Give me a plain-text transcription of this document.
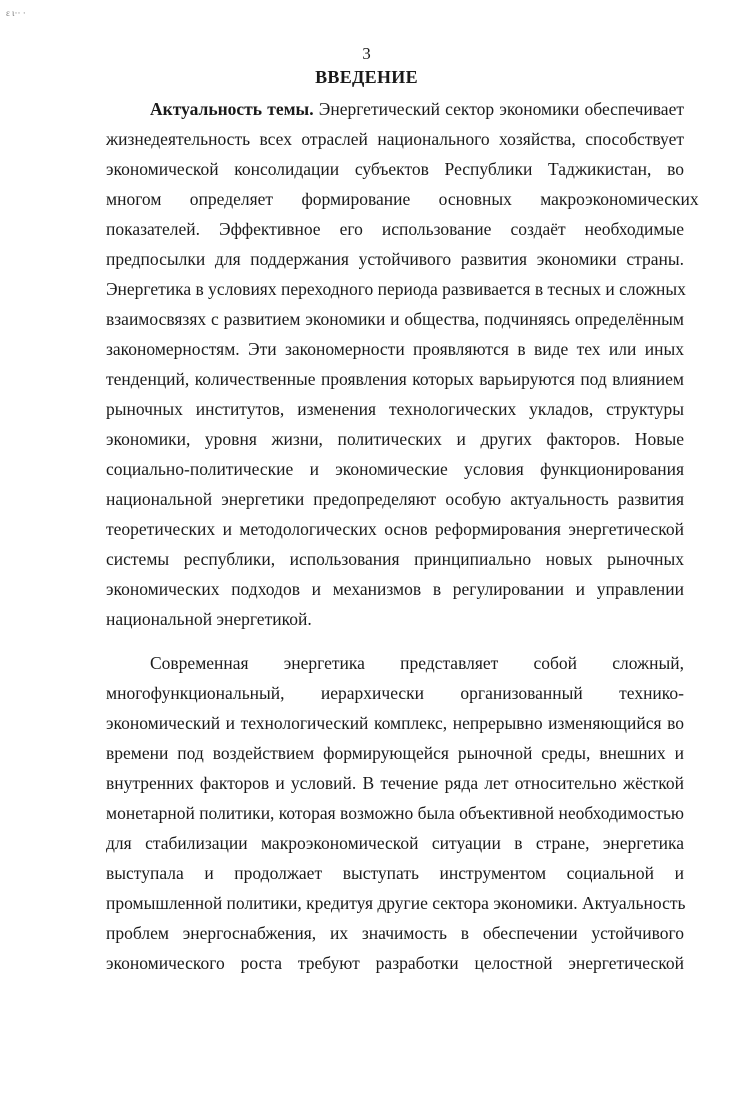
ɛ ι·· ·
3
ВВЕДЕНИЕ
Актуальность темы. Энергетический сектор экономики обеспечивает
жизнедеятельность всех отраслей национального хозяйства, способствует
экономической консолидации субъектов Республики Таджикистан, во
многом определяет формирование основных макроэкономических
показателей. Эффективное его использование создаёт необходимые
предпосылки для поддержания устойчивого развития экономики страны.
Энергетика в условиях переходного периода развивается в тесных и сложных
взаимосвязях с развитием экономики и общества, подчиняясь определённым
закономерностям. Эти закономерности проявляются в виде тех или иных
тенденций, количественные проявления которых варьируются под влиянием
рыночных институтов, изменения технологических укладов, структуры
экономики, уровня жизни, политических и других факторов. Новые
социально-политические и экономические условия функционирования
национальной энергетики предопределяют особую актуальность развития
теоретических и методологических основ реформирования энергетической
системы республики, использования принципиально новых рыночных
экономических подходов и механизмов в регулировании и управлении
национальной энергетикой.
Современная энергетика представляет собой сложный,
многофункциональный, иерархически организованный технико-
экономический и технологический комплекс, непрерывно изменяющийся во
времени под воздействием формирующейся рыночной среды, внешних и
внутренних факторов и условий. В течение ряда лет относительно жёсткой
монетарной политики, которая возможно была объективной необходимостью
для стабилизации макроэкономической ситуации в стране, энергетика
выступала и продолжает выступать инструментом социальной и
промышленной политики, кредитуя другие сектора экономики. Актуальность
проблем энергоснабжения, их значимость в обеспечении устойчивого
экономического роста требуют разработки целостной энергетической
